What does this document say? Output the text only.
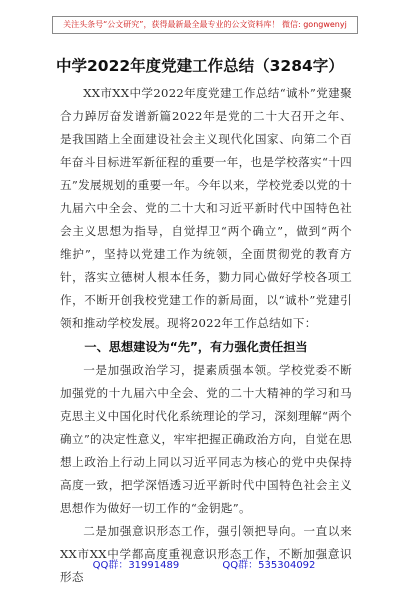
关注头条号“公文研究”，获得最新最全最专业的公文资料库！ 微信: gongwenyj
中学2022年度党建工作总结（3284字）

XX市XX中学2022年度党建工作总结“诚朴”党建聚合力踔厉奋发谱新篇2022年是党的二十大召开之年、是我国踏上全面建设社会主义现代化国家、向第二个百年奋斗目标进军新征程的重要一年，也是学校落实“十四五”发展规划的重要一年。今年以来，学校党委以党的十九届六中全会、党的二十大和习近平新时代中国特色社会主义思想为指导，自觉捍卫“两个确立”，做到“两个维护”，坚持以党建工作为统领，全面贯彻党的教育方针，落实立德树人根本任务，勠力同心做好学校各项工作，不断开创我校党建工作的新局面，以“诚朴”党建引领和推动学校发展。现将2022年工作总结如下：

一、思想建设为“先”，有力强化责任担当

一是加强政治学习，提素质强本领。学校党委不断加强党的十九届六中全会、党的二十大精神的学习和马克思主义中国化时代化系统理论的学习，深刻理解“两个确立”的决定性意义，牢牢把握正确政治方向，自觉在思想上政治上行动上同以习近平同志为核心的党中央保持高度一致，把学深悟透习近平新时代中国特色社会主义思想作为做好一切工作的“金钥匙”。

二是加强意识形态工作，强引领把导向。一直以来XX市XX中学都高度重视意识形态工作，不断加强意识形态

QQ群：31991489	QQ群：535304092
